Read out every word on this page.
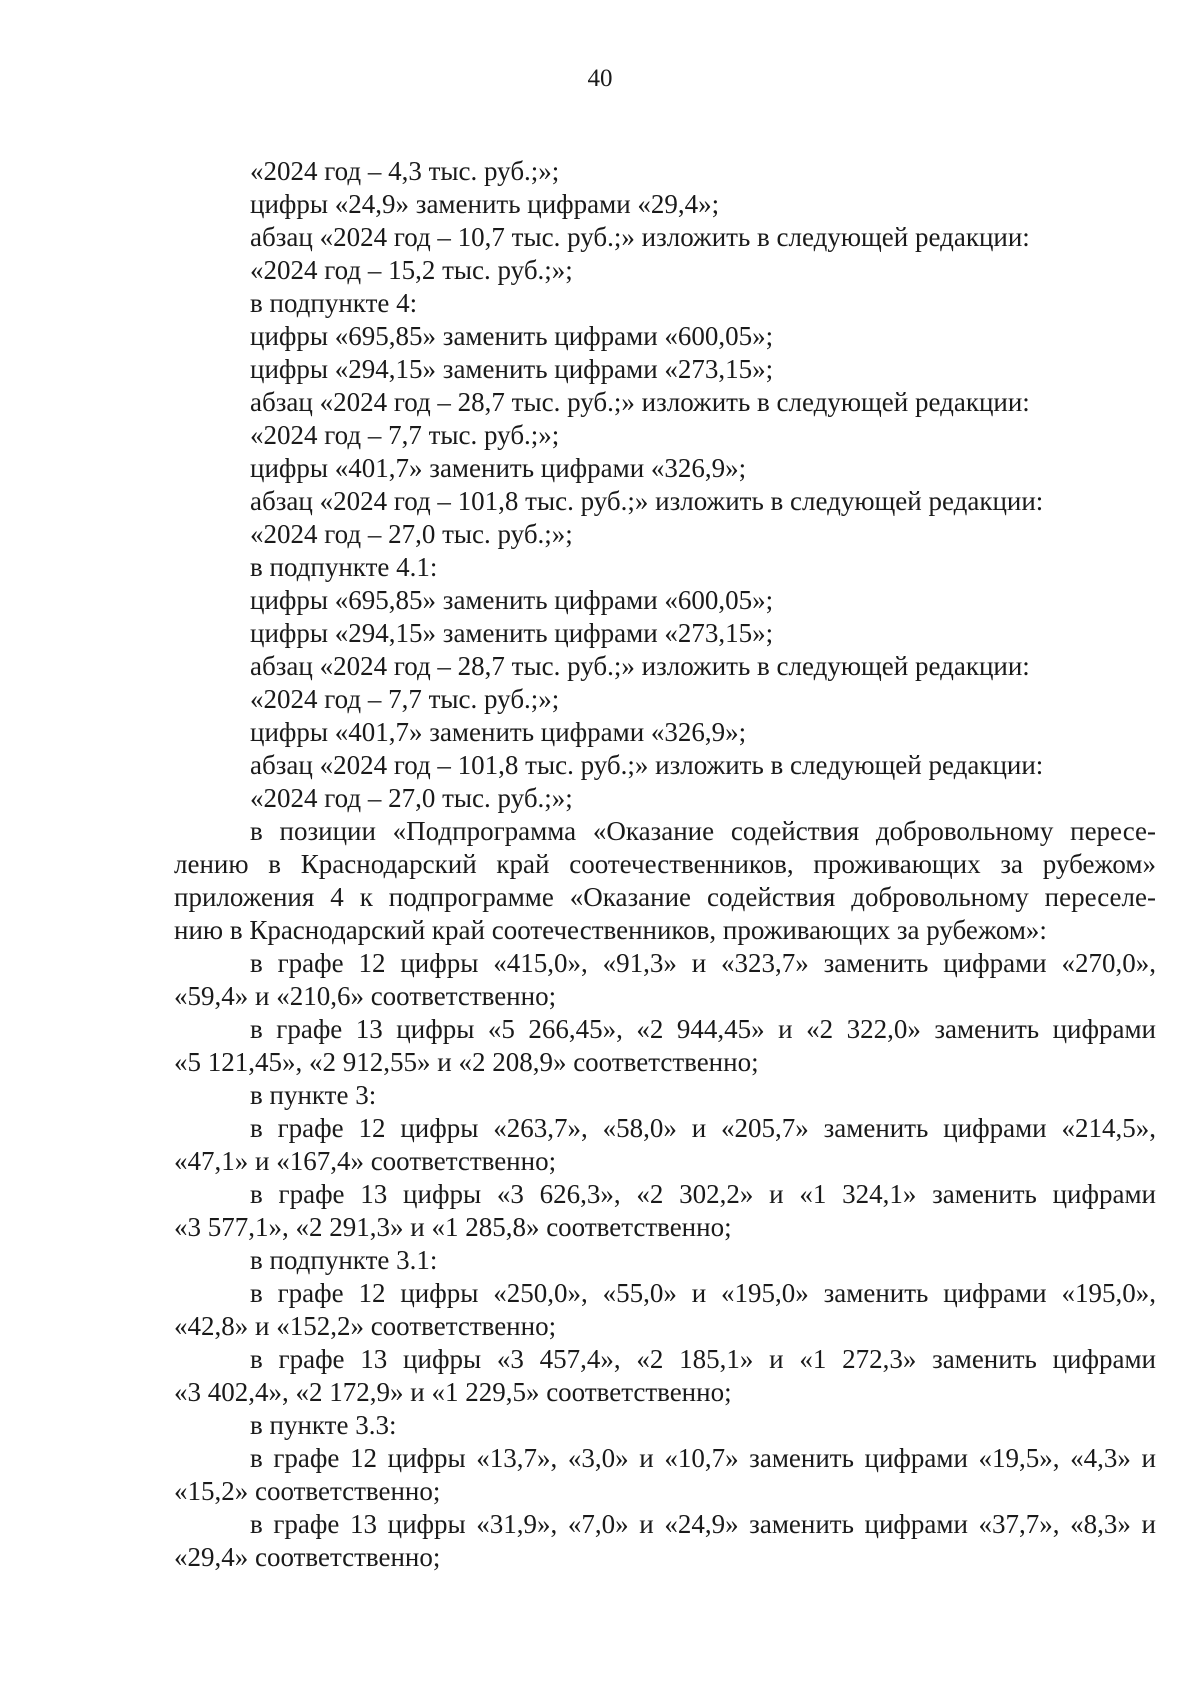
40
«2024 год – 4,3 тыс. руб.;»;
цифры «24,9» заменить цифрами «29,4»;
абзац «2024 год – 10,7 тыс. руб.;» изложить в следующей редакции:
«2024 год – 15,2 тыс. руб.;»;
в подпункте 4:
цифры «695,85» заменить цифрами «600,05»;
цифры «294,15» заменить цифрами «273,15»;
абзац «2024 год – 28,7 тыс. руб.;» изложить в следующей редакции:
«2024 год – 7,7 тыс. руб.;»;
цифры «401,7» заменить цифрами «326,9»;
абзац «2024 год – 101,8 тыс. руб.;» изложить в следующей редакции:
«2024 год – 27,0 тыс. руб.;»;
в подпункте 4.1:
цифры «695,85» заменить цифрами «600,05»;
цифры «294,15» заменить цифрами «273,15»;
абзац «2024 год – 28,7 тыс. руб.;» изложить в следующей редакции:
«2024 год – 7,7 тыс. руб.;»;
цифры «401,7» заменить цифрами «326,9»;
абзац «2024 год – 101,8 тыс. руб.;» изложить в следующей редакции:
«2024 год – 27,0 тыс. руб.;»;
в позиции «Подпрограмма «Оказание содействия добровольному пересе-
лению в Краснодарский край соотечественников, проживающих за рубежом»
приложения 4 к подпрограмме «Оказание содействия добровольному переселе-
нию в Краснодарский край соотечественников, проживающих за рубежом»:
в графе 12 цифры «415,0», «91,3» и «323,7» заменить цифрами «270,0»,
«59,4» и «210,6» соответственно;
в графе 13 цифры «5 266,45», «2 944,45» и «2 322,0» заменить цифрами
«5 121,45», «2 912,55» и «2 208,9» соответственно;
в пункте 3:
в графе 12 цифры «263,7», «58,0» и «205,7» заменить цифрами «214,5»,
«47,1» и «167,4» соответственно;
в графе 13 цифры «3 626,3», «2 302,2» и «1 324,1» заменить цифрами
«3 577,1», «2 291,3» и «1 285,8» соответственно;
в подпункте 3.1:
в графе 12 цифры «250,0», «55,0» и «195,0» заменить цифрами «195,0»,
«42,8» и «152,2» соответственно;
в графе 13 цифры «3 457,4», «2 185,1» и «1 272,3» заменить цифрами
«3 402,4», «2 172,9» и «1 229,5» соответственно;
в пункте 3.3:
в графе 12 цифры «13,7», «3,0» и «10,7» заменить цифрами «19,5», «4,3» и
«15,2» соответственно;
в графе 13 цифры «31,9», «7,0» и «24,9» заменить цифрами «37,7», «8,3» и
«29,4» соответственно;
